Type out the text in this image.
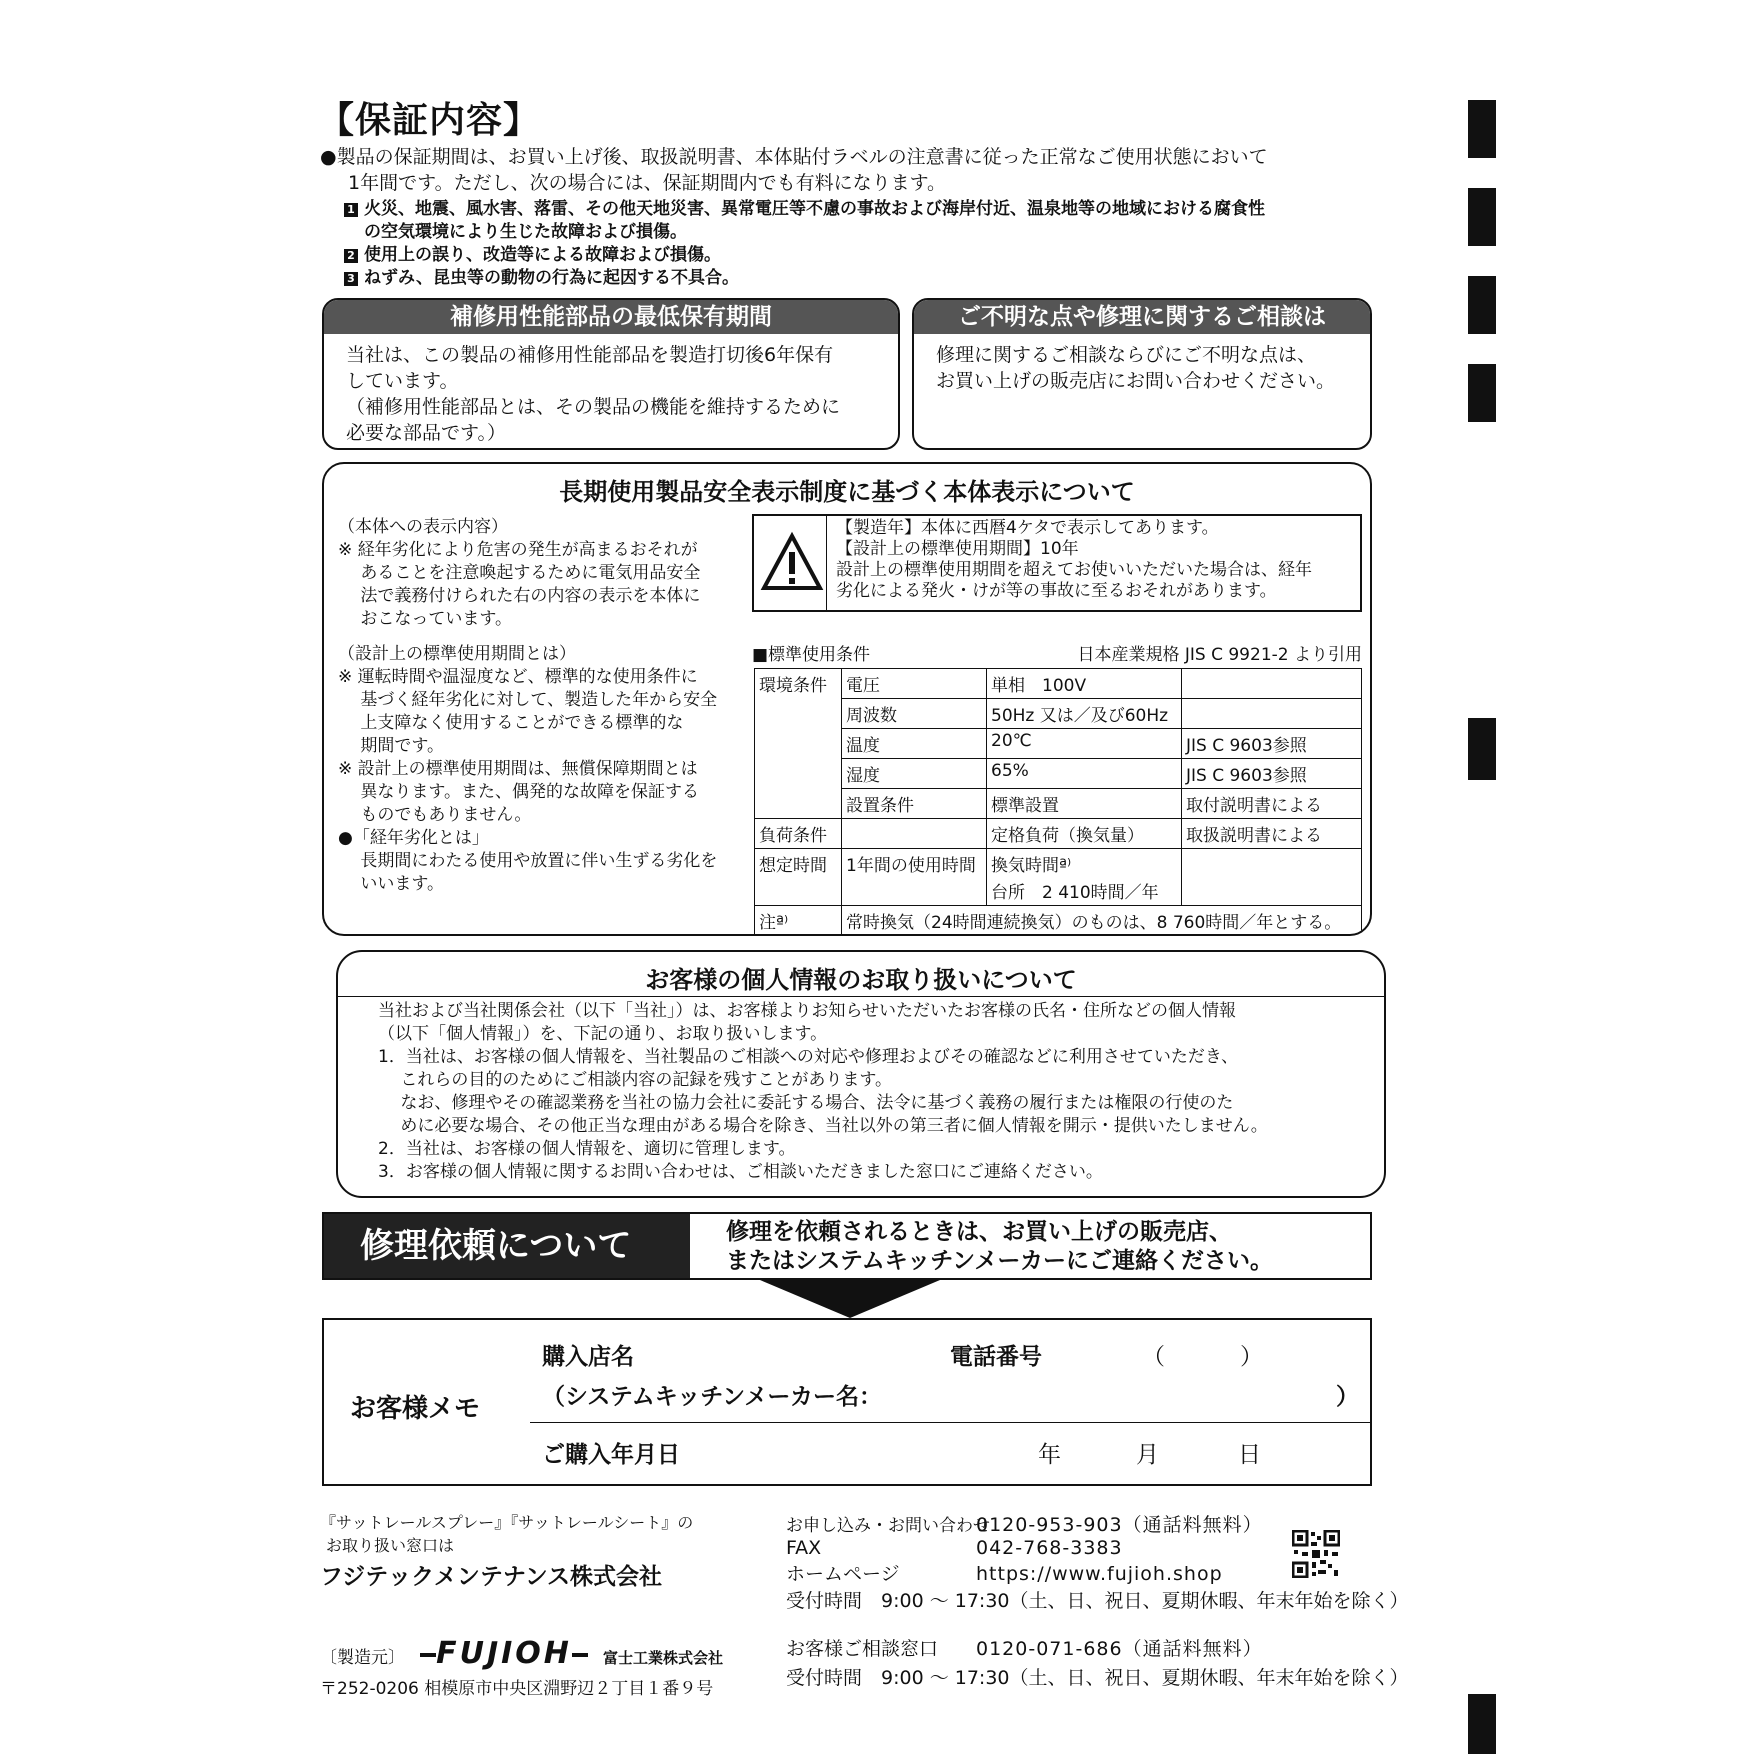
【保証内容】

●製品の保証期間は、お買い上げ後、取扱説明書、本体貼付ラベルの注意書に従った正常なご使用状態において

1年間です。ただし、次の場合には、保証期間内でも有料になります。

1 火災、地震、風水害、落雷、その他天地災害、異常電圧等不慮の事故および海岸付近、温泉地等の地域における腐食性

の空気環境により生じた故障および損傷。

2 使用上の誤り、改造等による故障および損傷。

3 ねずみ、昆虫等の動物の行為に起因する不具合。

補修用性能部品の最低保有期間

当社は、この製品の補修用性能部品を製造打切後6年保有

しています。

（補修用性能部品とは、その製品の機能を維持するために

必要な部品です。）

ご不明な点や修理に関するご相談は

修理に関するご相談ならびにご不明な点は、

お買い上げの販売店にお問い合わせください。

長期使用製品安全表示制度に基づく本体表示について

（本体への表示内容）

※ 経年劣化により危害の発生が高まるおそれが

　 あることを注意喚起するために電気用品安全

　 法で義務付けられた右の内容の表示を本体に

　 おこなっています。

（設計上の標準使用期間とは）

※ 運転時間や温湿度など、標準的な使用条件に

　 基づく経年劣化に対して、製造した年から安全

　 上支障なく使用することができる標準的な

　 期間です。

※ 設計上の標準使用期間は、無償保障期間とは

　 異なります。また、偶発的な故障を保証する

　 ものでもありません。

●「経年劣化とは」

　 長期間にわたる使用や放置に伴い生ずる劣化を

　 いいます。

【製造年】本体に西暦4ケタで表示してあります。

【設計上の標準使用期間】10年

設計上の標準使用期間を超えてお使いいただいた場合は、経年

劣化による発火・けが等の事故に至るおそれがあります。

■標準使用条件	日本産業規格 JIS C 9921-2 より引用
環境条件	電圧	単相　100V	
	周波数	50Hz 又は／及び60Hz	
	温度	20℃	JIS C 9603参照
	湿度	65%	JIS C 9603参照
	設置条件	標準設置	取付説明書による
負荷条件		定格負荷（換気量）	取扱説明書による
想定時間	1年間の使用時間	換気時間ª⁾
台所　2 410時間／年	

注ª⁾	常時換気（24時間連続換気）のものは、8 760時間／年とする。		
お客様の個人情報のお取り扱いについて

当社および当社関係会社（以下「当社」）は、お客様よりお知らせいただいたお客様の氏名・住所などの個人情報

（以下「個人情報」）を、下記の通り、お取り扱いします。

1．当社は、お客様の個人情報を、当社製品のご相談への対応や修理およびその確認などに利用させていただき、

　 これらの目的のためにご相談内容の記録を残すことがあります。

　 なお、修理やその確認業務を当社の協力会社に委託する場合、法令に基づく義務の履行または権限の行使のた

　 めに必要な場合、その他正当な理由がある場合を除き、当社以外の第三者に個人情報を開示・提供いたしません。

2．当社は、お客様の個人情報を、適切に管理します。

3．お客様の個人情報に関するお問い合わせは、ご相談いただきました窓口にご連絡ください。

修理依頼について	修理を依頼されるときは、お買い上げの販売店、
またはシステムキッチンメーカーにご連絡ください。
お客様メモ
購入店名	電話番号	（	）
（システムキッチンメーカー名：	）
ご購入年月日	年	月	日
『サットレールスプレー』『サットレールシート』の
お取り扱い窓口は
フジテックメンテナンス株式会社
〔製造元〕 FUJIOH 富士工業株式会社
〒252-0206 相模原市中央区淵野辺２丁目１番９号
お申し込み・お問い合わせ0120-953-903（通話料無料）
FAX	042-768-3383
ホームページ	https://www.fujioh.shop
受付時間　9:00 ～ 17:30（土、日、祝日、夏期休暇、年末年始を除く）
お客様ご相談窓口 0120-071-686（通話料無料）
受付時間　9:00 ～ 17:30（土、日、祝日、夏期休暇、年末年始を除く）
